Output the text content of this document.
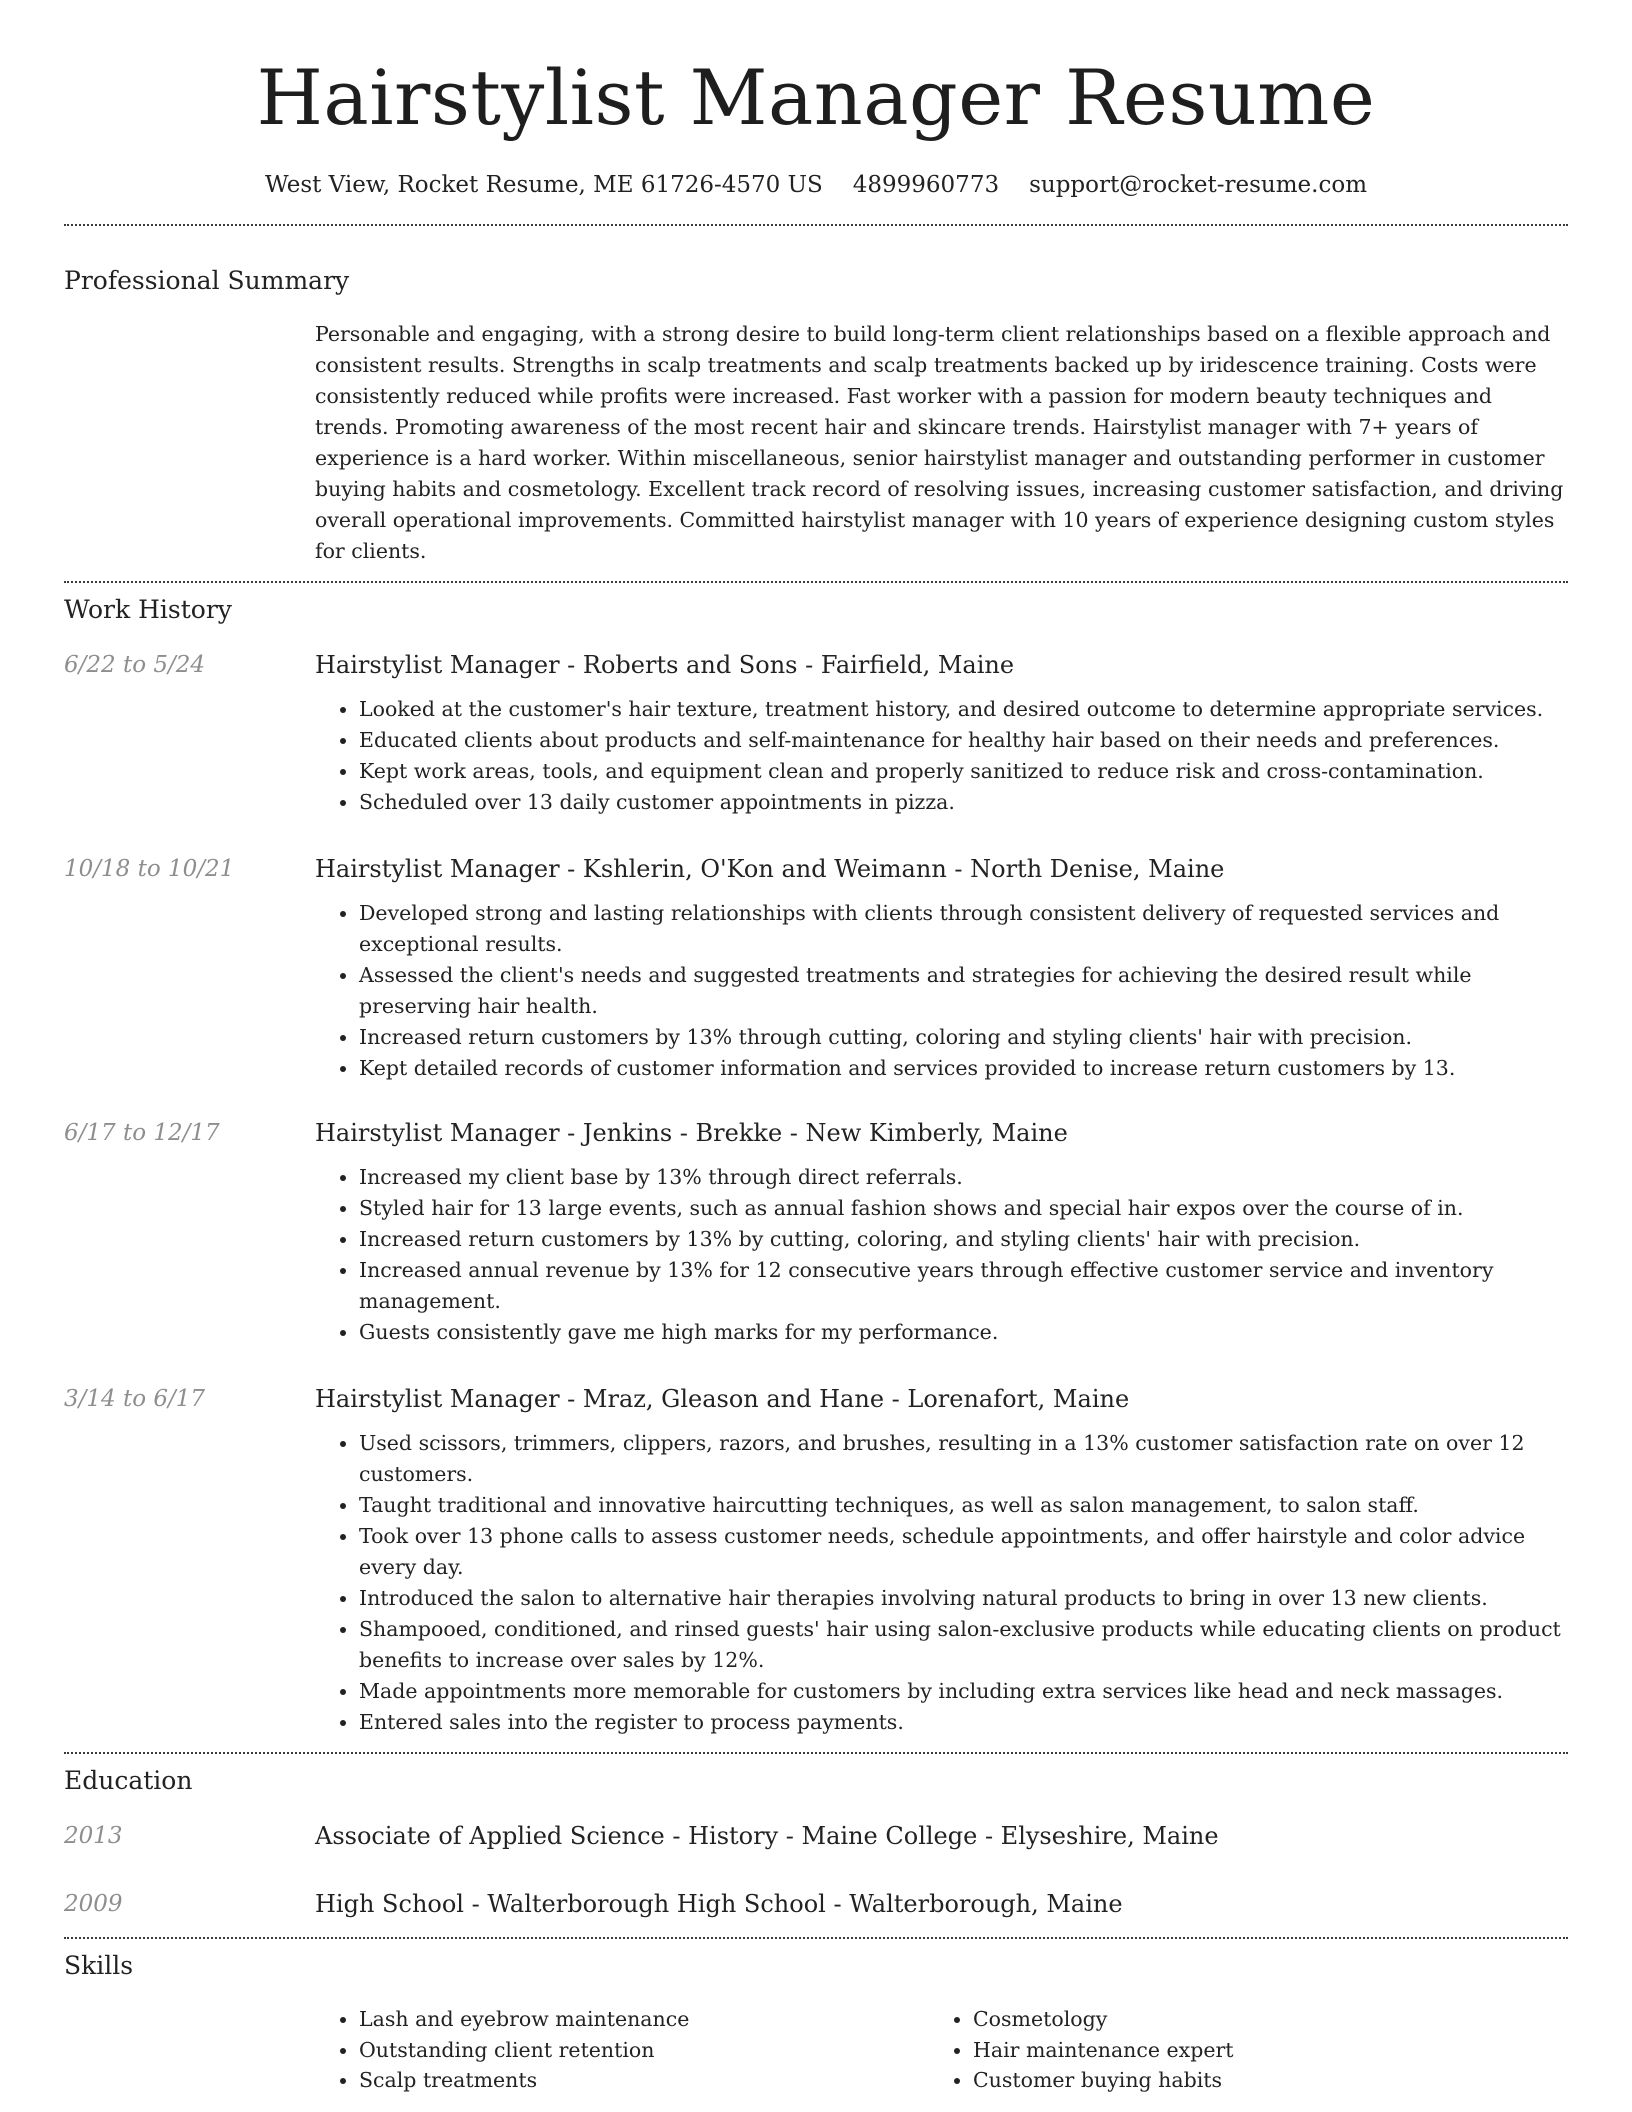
Hairstylist Manager Resume
West View, Rocket Resume, ME 61726-4570 US 4899960773 support@rocket-resume.com
Professional Summary
Personable and engaging, with a strong desire to build long-term client relationships based on a flexible approach and consistent results. Strengths in scalp treatments and scalp treatments backed up by iridescence training. Costs were consistently reduced while profits were increased. Fast worker with a passion for modern beauty techniques and trends. Promoting awareness of the most recent hair and skincare trends. Hairstylist manager with 7+ years of experience is a hard worker. Within miscellaneous, senior hairstylist manager and outstanding performer in customer buying habits and cosmetology. Excellent track record of resolving issues, increasing customer satisfaction, and driving overall operational improvements. Committed hairstylist manager with 10 years of experience designing custom styles for clients.
Work History
6/22 to 5/24	Hairstylist Manager - Roberts and Sons - Fairfield, Maine
• Looked at the customer's hair texture, treatment history, and desired outcome to determine appropriate services.
• Educated clients about products and self-maintenance for healthy hair based on their needs and preferences.
• Kept work areas, tools, and equipment clean and properly sanitized to reduce risk and cross-contamination.
• Scheduled over 13 daily customer appointments in pizza.
10/18 to 10/21	Hairstylist Manager - Kshlerin, O'Kon and Weimann - North Denise, Maine
• Developed strong and lasting relationships with clients through consistent delivery of requested services and exceptional results.
• Assessed the client's needs and suggested treatments and strategies for achieving the desired result while preserving hair health.
• Increased return customers by 13% through cutting, coloring and styling clients' hair with precision.
• Kept detailed records of customer information and services provided to increase return customers by 13.
6/17 to 12/17	Hairstylist Manager - Jenkins - Brekke - New Kimberly, Maine
• Increased my client base by 13% through direct referrals.
• Styled hair for 13 large events, such as annual fashion shows and special hair expos over the course of in.
• Increased return customers by 13% by cutting, coloring, and styling clients' hair with precision.
• Increased annual revenue by 13% for 12 consecutive years through effective customer service and inventory management.
• Guests consistently gave me high marks for my performance.
3/14 to 6/17	Hairstylist Manager - Mraz, Gleason and Hane - Lorenafort, Maine
• Used scissors, trimmers, clippers, razors, and brushes, resulting in a 13% customer satisfaction rate on over 12 customers.
• Taught traditional and innovative haircutting techniques, as well as salon management, to salon staff.
• Took over 13 phone calls to assess customer needs, schedule appointments, and offer hairstyle and color advice every day.
• Introduced the salon to alternative hair therapies involving natural products to bring in over 13 new clients.
• Shampooed, conditioned, and rinsed guests' hair using salon-exclusive products while educating clients on product benefits to increase over sales by 12%.
• Made appointments more memorable for customers by including extra services like head and neck massages.
• Entered sales into the register to process payments.
Education
2013	Associate of Applied Science - History - Maine College - Elyseshire, Maine
2009	High School - Walterborough High School - Walterborough, Maine
Skills
• Lash and eyebrow maintenance
• Outstanding client retention
• Scalp treatments
• Cosmetology
• Hair maintenance expert
• Customer buying habits
